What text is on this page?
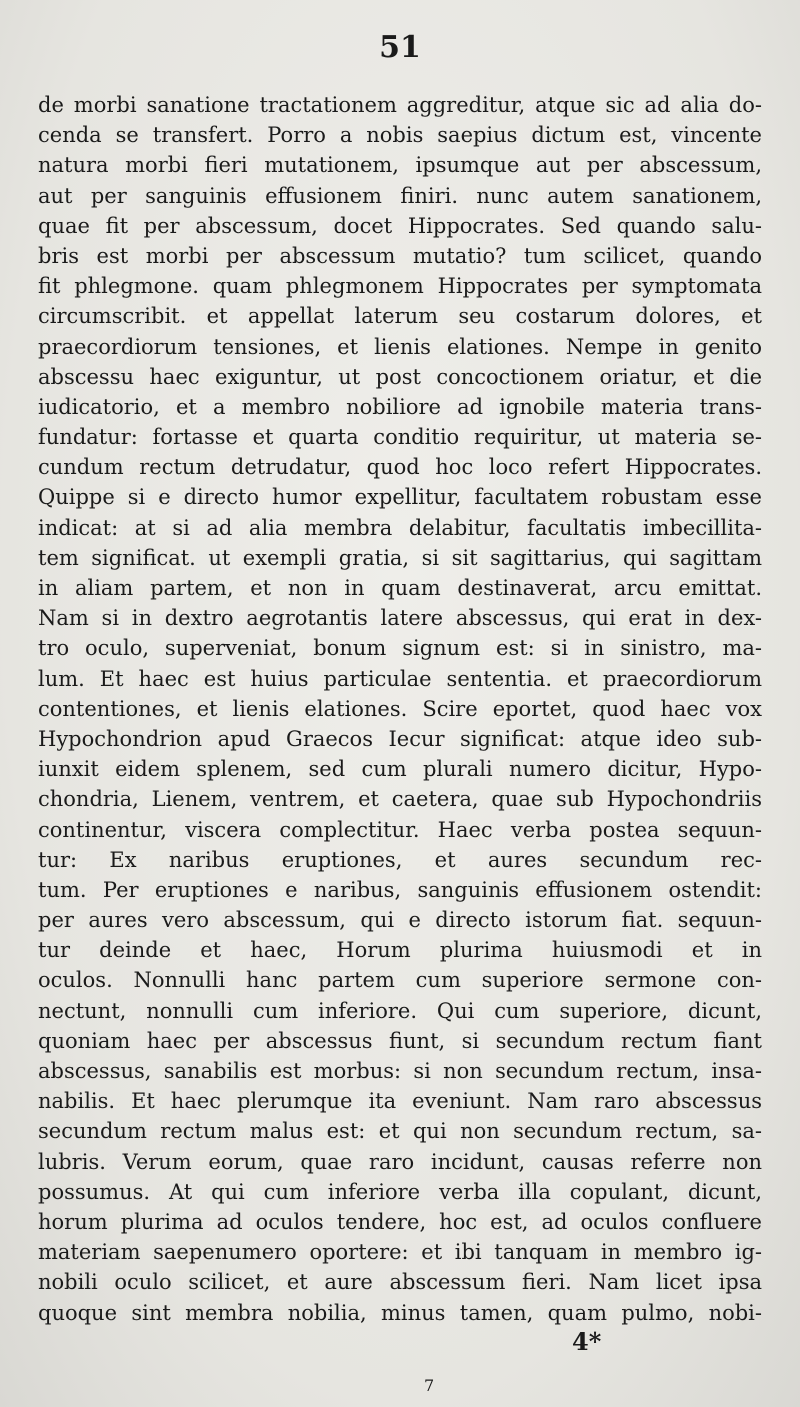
51
de morbi sanatione tractationem aggreditur, atque sic ad alia do-
cenda se transfert. Porro a nobis saepius dictum est, vincente
natura morbi fieri mutationem, ipsumque aut per abscessum,
aut per sanguinis effusionem finiri. nunc autem sanationem,
quae fit per abscessum, docet Hippocrates. Sed quando salu-
bris est morbi per abscessum mutatio? tum scilicet, quando
fit phlegmone. quam phlegmonem Hippocrates per symptomata
circumscribit. et appellat laterum seu costarum dolores, et
praecordiorum tensiones, et lienis elationes. Nempe in genito
abscessu haec exiguntur, ut post concoctionem oriatur, et die
iudicatorio, et a membro nobiliore ad ignobile materia trans-
fundatur: fortasse et quarta conditio requiritur, ut materia se-
cundum rectum detrudatur, quod hoc loco refert Hippocrates.
Quippe si e directo humor expellitur, facultatem robustam esse
indicat: at si ad alia membra delabitur, facultatis imbecillita-
tem significat. ut exempli gratia, si sit sagittarius, qui sagittam
in aliam partem, et non in quam destinaverat, arcu emittat.
Nam si in dextro aegrotantis latere abscessus, qui erat in dex-
tro oculo, superveniat, bonum signum est: si in sinistro, ma-
lum. Et haec est huius particulae sententia. et praecordiorum
contentiones, et lienis elationes. Scire eportet, quod haec vox
Hypochondrion apud Graecos Iecur significat: atque ideo sub-
iunxit eidem splenem, sed cum plurali numero dicitur, Hypo-
chondria, Lienem, ventrem, et caetera, quae sub Hypochondriis
continentur, viscera complectitur. Haec verba postea sequun-
tur: Ex naribus eruptiones, et aures secundum rec-
tum. Per eruptiones e naribus, sanguinis effusionem ostendit:
per aures vero abscessum, qui e directo istorum fiat. sequun-
tur deinde et haec, Horum plurima huiusmodi et in
oculos. Nonnulli hanc partem cum superiore sermone con-
nectunt, nonnulli cum inferiore. Qui cum superiore, dicunt,
quoniam haec per abscessus fiunt, si secundum rectum fiant
abscessus, sanabilis est morbus: si non secundum rectum, insa-
nabilis. Et haec plerumque ita eveniunt. Nam raro abscessus
secundum rectum malus est: et qui non secundum rectum, sa-
lubris. Verum eorum, quae raro incidunt, causas referre non
possumus. At qui cum inferiore verba illa copulant, dicunt,
horum plurima ad oculos tendere, hoc est, ad oculos confluere
materiam saepenumero oportere: et ibi tanquam in membro ig-
nobili oculo scilicet, et aure abscessum fieri. Nam licet ipsa
quoque sint membra nobilia, minus tamen, quam pulmo, nobi-
4*
7
